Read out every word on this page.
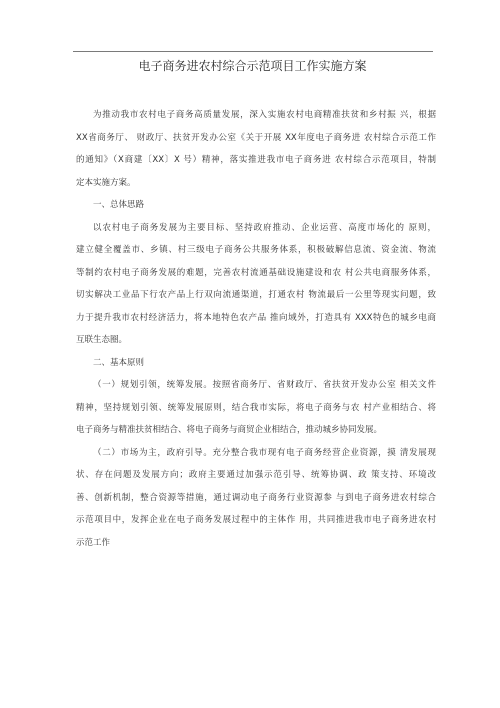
电子商务进农村综合示范项目工作实施方案

为推动我市农村电子商务高质量发展，深入实施农村电商精准扶贫和乡村振 兴，根据
XX省商务厅、 财政厅、扶贫开发办公室《关于开展 XX年度电子商务进 农村综合示范工作
的通知》（X商建〔XX〕X 号）精神，落实推进我市电子商务进 农村综合示范项目，特制
定本实施方案。

一、总体思路

以农村电子商务发展为主要目标、坚持政府推动、企业运营、高度市场化的 原则，
建立健全覆盖市、乡镇、村三级电子商务公共服务体系，积极破解信息流、资金流、物流
等制约农村电子商务发展的难题，完善农村流通基础设施建设和农 村公共电商服务体系，
切实解决工业品下行农产品上行双向流通渠道，打通农村 物流最后一公里等现实问题，致
力于提升我市农村经济活力，将本地特色农产品 推向域外，打造具有 XXX特色的城乡电商
互联生态圈。

二、基本原则

（一）规划引领，统筹发展。按照省商务厅、省财政厅、省扶贫开发办公室 相关文件
精神，坚持规划引领、统筹发展原则，结合我市实际，将电子商务与农 村产业相结合、将
电子商务与精准扶贫相结合、将电子商务与商贸企业相结合，推动城乡协同发展。

（二）市场为主，政府引导。充分整合我市现有电子商务经营企业资源，摸 清发展现
状、存在问题及发展方向；政府主要通过加强示范引导、统筹协调、政 策支持、环境改
善、创新机制，整合资源等措施，通过调动电子商务行业资源参 与到电子商务进农村综合
示范项目中，发挥企业在电子商务发展过程中的主体作 用，共同推进我市电子商务进农村
示范工作
